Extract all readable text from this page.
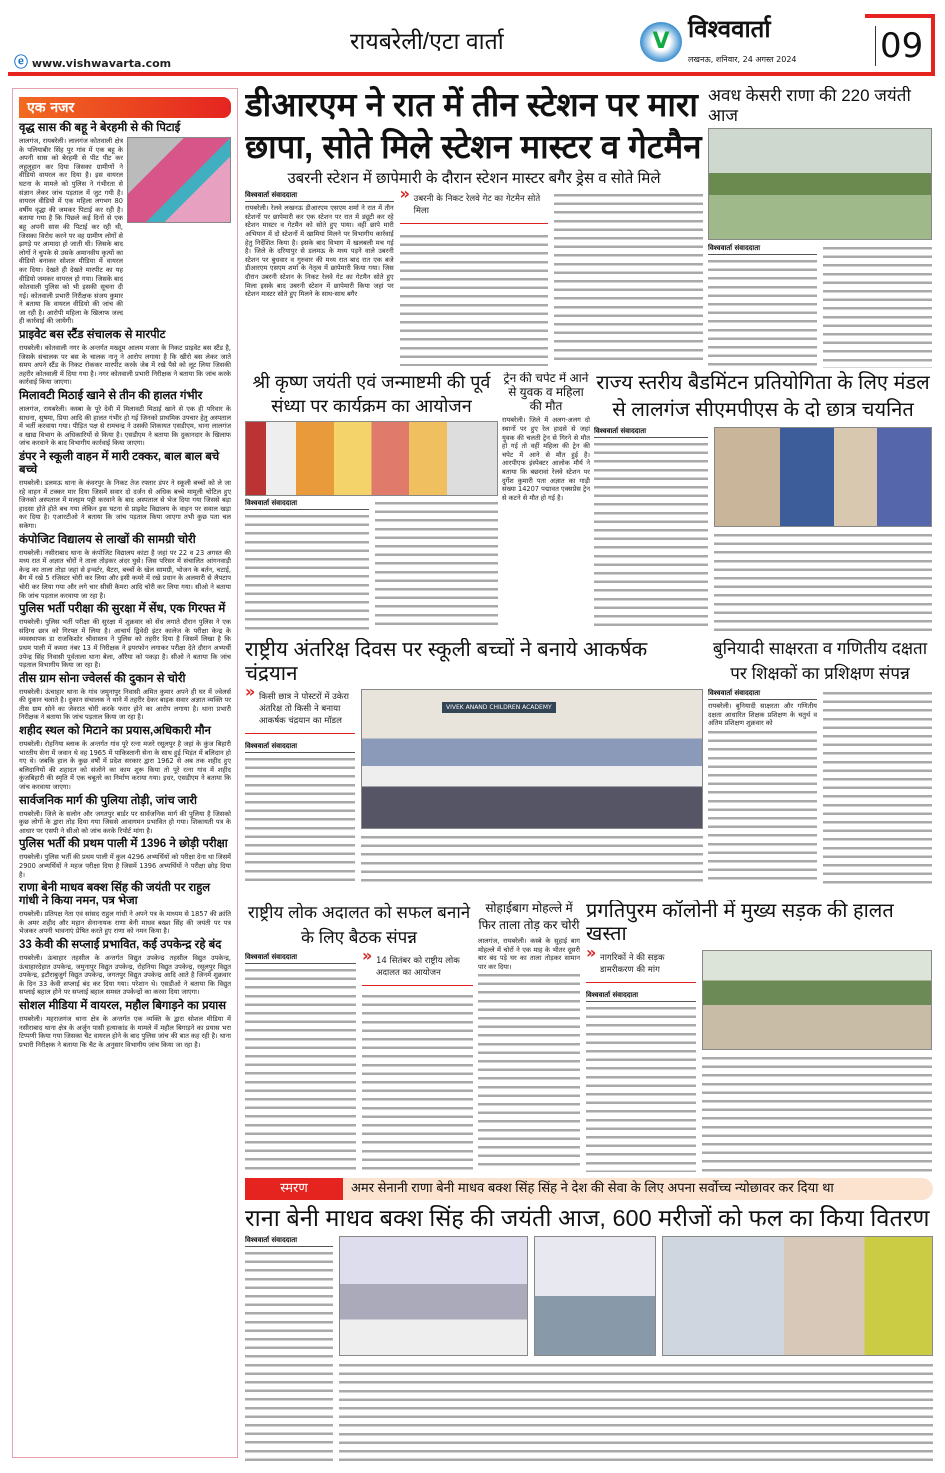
ⓔ www.vishwavarta.com
रायबरेली/एटा वार्ता	V विश्ववार्ता
लखनऊ, शनिवार, 24 अगस्त 2024 09
एक नजर
वृद्ध सास की बहू ने बेरहमी से की पिटाई
लालगंज, रायबरेली। लालगंज कोतवाली क्षेत्र के पलियाबीर सिंह पुर गांव में एक बहू के अपनी सास को बेरहमी से पीट पीट कर लहूलुहान कर दिया जिसका ग्रामीणों ने वीडियो वायरल कर दिया है। इस वायरल घटना के मामले को पुलिस ने गंभीरता से संज्ञान लेकर जांच पड़ताल में जुट गयी है। वायरल वीडियो में एक महिला लगभग 80 वर्षीय वृद्धा की जमकर पिटाई कर रही है। बताया गया है कि पिछले कई दिनों से एक बहू अपनी सास की पिटाई कर रही थी, जिसका विरोध करने पर वह ग्रामीण लोगों से झगड़े पर आमादा हो जाती थी। जिसके बाद लोगों ने चुपके से उसके अमानवीय कृत्यों का वीडियो बनाकर सोशल मीडिया में वायरल कर दिया। देखते ही देखते मारपीट का यह वीडियो जमकर वायरल हो गया। जिसके बाद कोतवाली पुलिस को भी इसकी सूचना दी गई। कोतवाली प्रभारी निरीक्षक संजय कुमार ने बताया कि वायरल वीडियो की जांच की जा रही है। आरोपी महिला के खिलाफ जल्द ही कार्रवाई की जायेगी।
प्राइवेट बस स्टैंड संचालक से मारपीट
रायबरेली। कोतवाली नगर के अन्तर्गत मख्दूम आलम मजार के निकट प्राइवेट बस स्टैंड है, जिसके संचालक पर बस के चालक नानू ने आरोप लगाया है कि खीरो बस लेकर जाते समय अपने स्टैंड के निकट रोककर मारपीट करके जेब में रखे पैसे को लूट लिया जिसकी तहरीर कोतवाली में दिया गया है। नगर कोतवाली प्रभारी निरीक्षक ने बताया कि जांच करके कार्रवाई किया जाएगा।
मिलावटी मिठाई खाने से तीन की हालत गंभीर
लालगंज, रायबरेली। कस्बा के पूरे देवी में मिलावटी मिठाई खाने से एक ही परिवार के साधना, सुषमा, प्रिया आदि की हालत गंभीर हो गई जिनको प्राथमिक उपचार हेतु अस्पताल में भर्ती करवाया गया। पीड़ित पक्ष से रामचन्द्र ने उसकी शिकायत एसडीएम, थाना लालगंज व खाद्य विभाग के अधिकारियों से किया है। एसडीएम ने बताया कि दुकानदार के खिलाफ जांच करवाने के बाद विभागीय कार्रवाई किया जाएगा।
डंपर ने स्कूली वाहन में मारी टक्कर, बाल बाल बचे बच्चे
रायबरेली। डलमऊ थाना के कंवरपुर के निकट तेज रफ्तार डंपर ने स्कूली बच्चों को ले जा रहे वाहन में टक्कर मार दिया जिसमें सवार दो दर्जन से अधिक बच्चे मामूली चोटिल हुए जिनको अस्पताल में मलहम पट्टी करवाने के बाद अस्पताल से भेज दिया गया जिससे बड़ा हादसा होते होते बच गया लेकिन इस घटना से प्राइवेट विद्यालय के वाहन पर सवाल खड़ा कर दिया है। एआरटीओ ने बताया कि जांच पड़ताल किया जाएगा तभी कुछ पता चल सकेगा।
कंपोजिट विद्यालय से लाखों की सामग्री चोरी
रायबरेली। नसीराबाद थाना के कंपोजिट विद्यालय कांटा है जहां पर 22 व 23 अगस्त की मध्य रात में अज्ञात चोरों ने ताला तोड़कर अंदर घुसे। जिस परिसर में संचालित आंगनवाड़ी केन्द्र का ताला तोड़ा जहां से इन्वर्टर, बैटरा, बच्चों के खेल सामग्री, भोजन के बर्तन, चटाई, बैग में रखे 5 रजिस्टर चोरी कर लिया और इसी कमरे में रखे प्रधान के अलमारी से लैपटाप चोरी कर लिया गया और लगे चार सीसी कैमरा आदि चोरी कर लिया गया। सीओ ने बताया कि जांच पड़ताल करवाया जा रहा है।
पुलिस भर्ती परीक्षा की सुरक्षा में सेंध, एक गिरफ्त में
रायबरेली। पुलिस भर्ती परीक्षा की सुरक्षा में शुक्रवार को सेंध लगाते दौरान पुलिस ने एक संदिग्ध छात्र को गिरफ्त में लिया है। आचार्य द्विवेदी इंटर कालेज के परीक्षा केन्द्र के व्यवस्थापक डा राजकिशोर श्रीवास्तव ने पुलिस को तहरीर दिया है जिसमें लिखा है कि प्रथम पाली में कमरा नंबर 13 में निरीक्षक ने इयरफोन लगाकर परीक्षा देते दौरान अभ्यर्थी उपेन्द्र सिंह निवासी पूर्वताला थाना बेला, औरैया को पकड़ा है। सीओ ने बताया कि जांच पड़ताल विभागीय किया जा रहा है।
तीस ग्राम सोना ज्वेलर्स की दुकान से चोरी
रायबरेली। ऊंचाहार थाना के गांव जमुनापुर निवासी अमित कुमार अपने ही घर में ज्वेलर्स की दुकान चलाते है। दुकान संचालक ने थाने में तहरीर देकर बाइक सवार अज्ञात व्यक्ति पर तीस ग्राम सोने का जेवरात चोरी करके फरार होने का आरोप लगाया है। थाना प्रभारी निरीक्षक ने बताया कि जांच पड़ताल किया जा रहा है।
शहीद स्थल को मिटाने का प्रयास,अधिकारी मौन
रायबरेली। रोहनिया ब्लाक के अन्तर्गत गांव पूरे रत्ना मजरे रसूलपुर है जहां के कुंज बिहारी भारतीय सेना में जवान थे वह 1965 में पाकिस्तानी सेना के साथ हुई भिड़ंत में बलिदान हो गए थे। जबकि हाल के कुछ वर्षों में प्रदेश सरकार द्वारा 1962 से अब तक शहीद हुए बलिदानियों की शहादत को संजोने का काम शुरू किया तो पूरे रत्ना गांव में शहीद कुंजबिहारी की स्मृति में एक चबूतरे का निर्माण कराया गया। इधर, एसडीएम ने बताया कि जांच करवाया जाएगा।
सार्वजनिक मार्ग की पुलिया तोड़ी, जांच जारी
रायबरेली। जिले के सलोन और जगतपुर बार्डर पर सार्वजनिक मार्ग की पुलिया है जिसको कुछ लोगों के द्वारा तोड़ दिया गया जिससे आवागमन प्रभावित हो गया। शिकायती पत्र के आधार पर एसपी ने सीओ को जांच करके रिपोर्ट मांगा है।
पुलिस भर्ती की प्रथम पाली में 1396 ने छोड़ी परीक्षा
रायबरेली। पुलिस भर्ती की प्रथम पाली में कुल 4296 अभ्यर्थियों को परीक्षा देना था जिसमें 2900 अभ्यर्थियों ने महज परीक्षा दिया है जिसमें 1396 अभ्यर्थियों ने परीक्षा छोड़ दिया है।
राणा बेनी माधव बक्श सिंह की जयंती पर राहुल गांधी ने किया नमन, पत्र भेजा
रायबरेली। प्रतिपक्ष नेता एवं सांसद राहुल गांधी ने अपने पत्र के माध्यम से 1857 की क्रांति के अमर शहीद और महान सेनानायक राणा बेनी माधव बख्श सिंह की जयंती पर पत्र भेजकर अपनी भावनाएं प्रेषित करते हुए राणा को नमन किया है।
33 केवी की सप्लाई प्रभावित, कई उपकेन्द्र रहे बंद
रायबरेली। ऊंचाहार तहसील के अन्तर्गत विद्युत उपकेन्द्र तहसील विद्युत उपकेन्द्र, ऊंचाहारदेहात उपकेन्द्र, जमुनापुर विद्युत उपकेन्द्र, रोहनिया विद्युत उपकेन्द्र, रसूलपुर विद्युत उपकेन्द्र, इटौराबुजुर्ग विद्युत उपकेन्द्र, जगतपुर विद्युत उपकेन्द्र आदि आते है जिनमें शुक्रवार के दिन 33 केवी सप्लाई बंद कर दिया गया। परेशान थे। एसडीओ ने बताया कि विद्युत सप्लाई बहाल होने पर सप्लाई बहाल समस्त उपकेन्द्रों का करवा दिया जाएगा।
सोशल मीडिया में वायरल, महौल बिगाड़ने का प्रयास
रायबरेली। महराजगंज थाना क्षेत्र के अन्तर्गत एक व्यक्ति के द्वारा सोशल मीडिया में नसीराबाद थाना क्षेत्र के अर्जुन पासी हत्याकांड के मामले में महौल बिगाड़ने का प्रयास भरा टिप्पणी किया गया जिसका चैट वायरल होने के बाद पुलिस जांच की बात कह रही है। थाना प्रभारी निरीक्षक ने बताया कि चैट के अनुसार विभागीय जांच किया जा रहा है।
डीआरएम ने रात में तीन स्टेशन पर मारा छापा, सोते मिले स्टेशन मास्टर व गेटमैन
उबरनी स्टेशन में छापेमारी के दौरान स्टेशन मास्टर बगैर ड्रेस व सोते मिले
विश्ववार्ता संवाददाता
रायबरेली। रेलवे लखनऊ डीआरएम एसएम शर्मा ने रात में तीन स्टेशनों पर छापेमारी कर एक स्टेशन पर रात में ड्यूटी कर रहे स्टेशन मास्टर व गेटमैन को सोते हुए पाया। वहीं छापे मारी अभियान में दो स्टेशनों में खामियां मिलने पर विभागीय कार्रवाई हेतु निर्देशित किया है। इसके बाद विभाग में खलबली मच गई है। जिले के दरियापुर से डलमऊ के मध्य पड़ने वाले उबरनी स्टेशन पर बुधवार व गुरुवार की मध्य रात बाद रात एक बजे डीआरएम एसएम शर्मा के नेतृत्व में छापेमारी किया गया। जिस दौरान उबरनी स्टेशन के निकट रेलवे गेट का गेटमैन सोते हुए मिला इसके बाद उबरनी स्टेशन में छापेमारी किया जहां पर स्टेशन मास्टर सोते हुए मिलने के साथ-साथ बगैर
» उबरनी के निकट रेलवे गेट का गेटमैन सोते मिला
अवध केसरी राणा की 220 जयंती आज
विश्ववार्ता संवाददाता
श्री कृष्ण जयंती एवं जन्माष्टमी की पूर्व संध्या पर कार्यक्रम का आयोजन
विश्ववार्ता संवाददाता
ट्रेन की चपेट में आने से युवक व महिला की मौत
रायबरेली। जिले में अलग-अलग दो स्थानों पर हुए रेल हादसे से जहां युवक की चलती ट्रेन से गिरने से मौत हो गई तो वहीं महिला की ट्रेन की चपेट में आने से मौत हुई है। आरपीएफ इंस्पेक्टर आलोक मौर्य ने बताया कि बछरावां रेलवे स्टेशन पर दुर्गेश कुमारी पता अज्ञात का गाड़ी संख्या 14207 पद्मावत एक्सप्रेस ट्रेन से कटने से मौत हो गई है।
राज्य स्तरीय बैडमिंटन प्रतियोगिता के लिए मंडल से लालगंज सीएमपीएस के दो छात्र चयनित
विश्ववार्ता संवाददाता
राष्ट्रीय अंतरिक्ष दिवस पर स्कूली बच्चों ने बनाये आकर्षक चंद्रयान
» किसी छात्र ने पोस्टरों में उकेरा अंतरिक्ष तो किसी ने बनाया आकर्षक चंद्रयान का मॉडल
विश्ववार्ता संवाददाता
VIVEK ANAND CHILDREN ACADEMY
बुनियादी साक्षरता व गणितीय दक्षता पर शिक्षकों का प्रशिक्षण संपन्न
विश्ववार्ता संवाददाता
रायबरेली। बुनियादी साक्षरता और गणितीय दक्षता आधारित शिक्षक प्रशिक्षण के चतुर्थ व अंतिम प्रशिक्षण शुक्रवार को
राष्ट्रीय लोक अदालत को सफल बनाने के लिए बैठक संपन्न
विश्ववार्ता संवाददाता	» 14 सितंबर को राष्ट्रीय लोक अदालत का आयोजन
सोहाईबाग मोहल्ले में फिर ताला तोड़ कर चोरी
लालगंज, रायबरेली। कस्बे के सुहाई बाग मोहल्ले में चोरों ने एक माह के भीतर दूसरी बार बंद पड़े घर का ताला तोड़कर सामान पार कर दिया।
प्रगतिपुरम कॉलोनी में मुख्य सड़क की हालत खस्ता
» नागरिकों ने की सड़क डामरीकरण की मांग
विश्ववार्ता संवाददाता
स्मरण	अमर सेनानी राणा बेनी माधव बक्श सिंह सिंह ने देश की सेवा के लिए अपना सर्वोच्च न्योछावर कर दिया था
राना बेनी माधव बक्श सिंह की जयंती आज, 600 मरीजों को फल का किया वितरण
विश्ववार्ता संवाददाता
